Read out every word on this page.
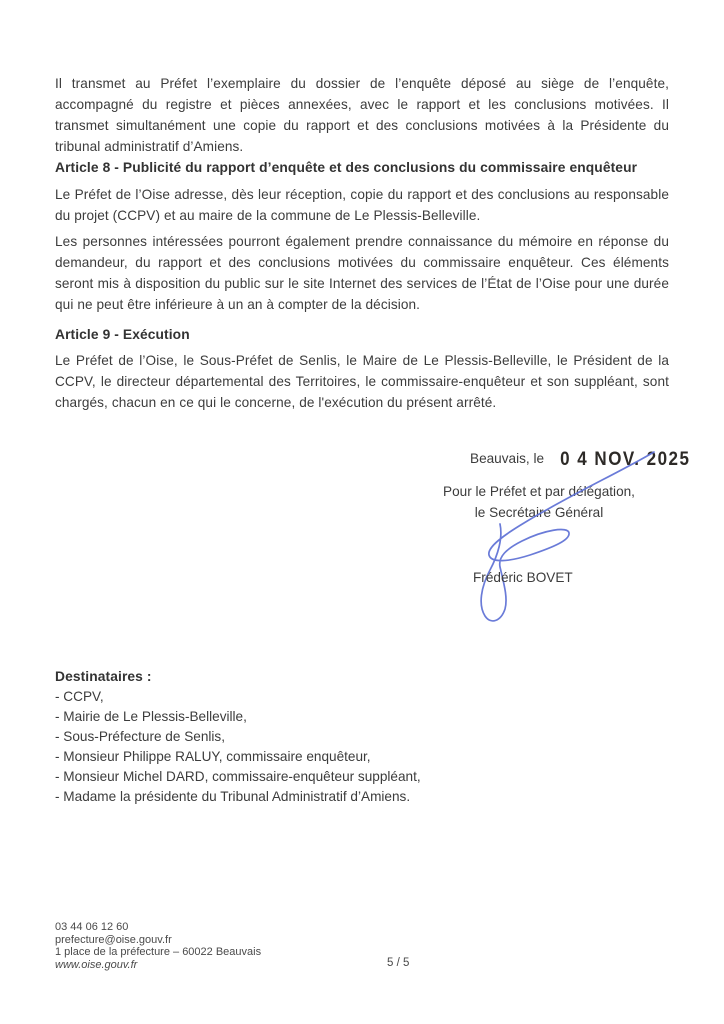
Il transmet au Préfet l’exemplaire du dossier de l’enquête déposé au siège de l’enquête, accompagné du registre et pièces annexées, avec le rapport et les conclusions motivées. Il transmet simultanément une copie du rapport et des conclusions motivées à la Présidente du tribunal administratif d’Amiens.
Article 8 - Publicité du rapport d’enquête et des conclusions du commissaire enquêteur
Le Préfet de l’Oise adresse, dès leur réception, copie du rapport et des conclusions au responsable du projet (CCPV) et au maire de la commune de Le Plessis-Belleville.
Les personnes intéressées pourront également prendre connaissance du mémoire en réponse du demandeur, du rapport et des conclusions motivées du commissaire enquêteur. Ces éléments seront mis à disposition du public sur le site Internet des services de l’État de l’Oise pour une durée qui ne peut être inférieure à un an à compter de la décision.
Article 9 - Exécution
Le Préfet de l’Oise, le Sous-Préfet de Senlis, le Maire de Le Plessis-Belleville, le Président de la CCPV, le directeur départemental des Territoires, le commissaire-enquêteur et son suppléant, sont chargés, chacun en ce qui le concerne, de l'exécution du présent arrêté.
Beauvais, le 0 4 NOV. 2025
Pour le Préfet et par délégation,
le Secrétaire Général
Frédéric BOVET
Destinataires :
- CCPV,
- Mairie de Le Plessis-Belleville,
- Sous-Préfecture de Senlis,
- Monsieur Philippe RALUY, commissaire enquêteur,
- Monsieur Michel DARD, commissaire-enquêteur suppléant,
- Madame la présidente du Tribunal Administratif d’Amiens.
03 44 06 12 60
prefecture@oise.gouv.fr
1 place de la préfecture – 60022 Beauvais
www.oise.gouv.fr	5 / 5
